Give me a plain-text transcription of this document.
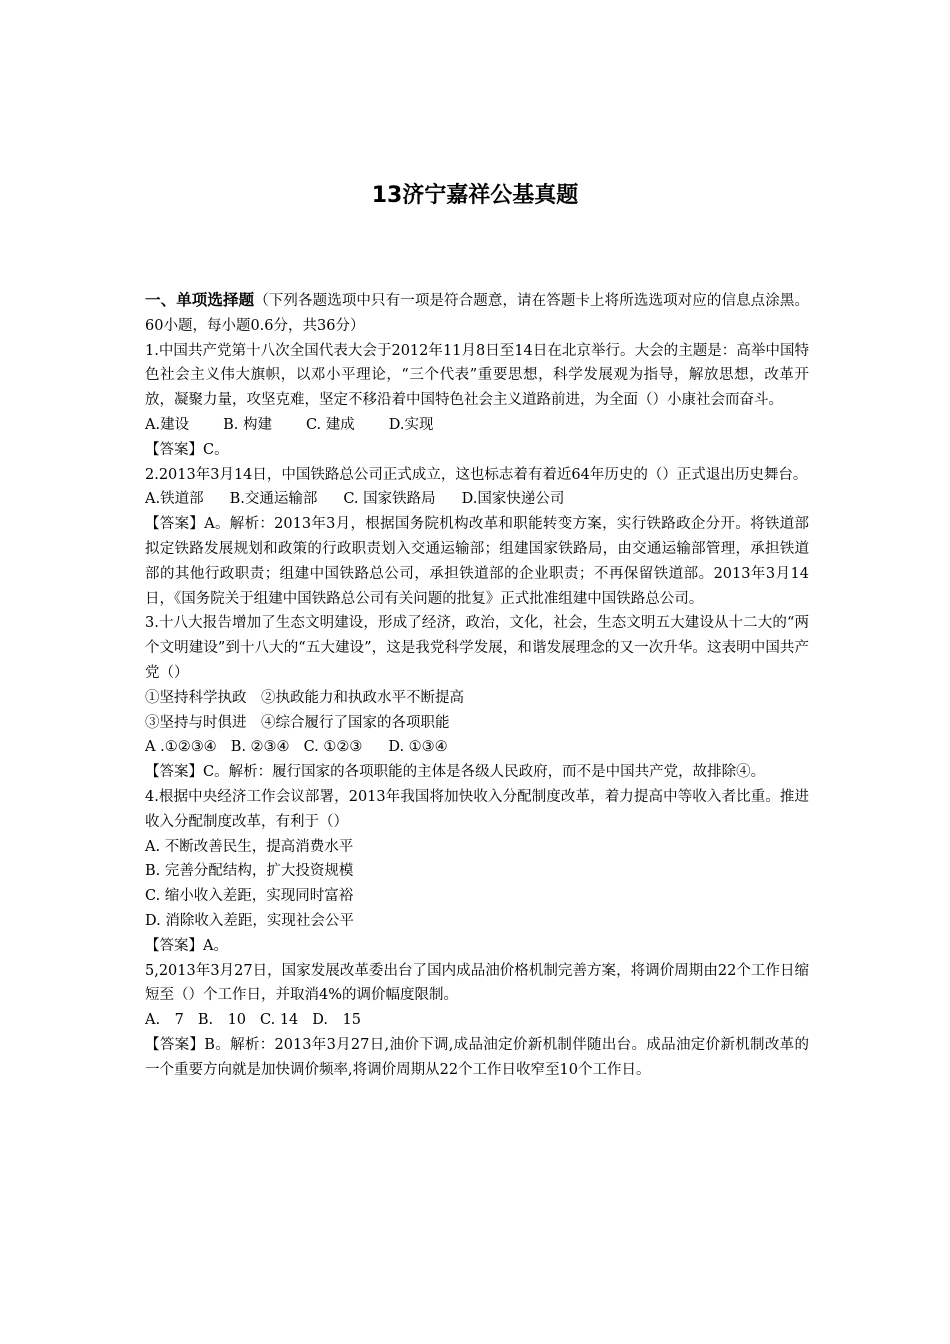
13济宁嘉祥公基真题

一、单项选择题（下列各题选项中只有一项是符合题意，请在答题卡上将所选选项对应的信息点涂黑。60小题，每小题0.6分，共36分）

1.中国共产党第十八次全国代表大会于2012年11月8日至14日在北京举行。大会的主题是：高举中国特色社会主义伟大旗帜，以邓小平理论，“三个代表”重要思想，科学发展观为指导，解放思想，改革开放，凝聚力量，攻坚克难，坚定不移沿着中国特色社会主义道路前进，为全面（）小康社会而奋斗。

A.建设 B. 构建 C. 建成 D.实现

【答案】C。

2.2013年3月14日，中国铁路总公司正式成立，这也标志着有着近64年历史的（）正式退出历史舞台。

A.铁道部 B.交通运输部 C. 国家铁路局 D.国家快递公司

【答案】A。解析：2013年3月，根据国务院机构改革和职能转变方案，实行铁路政企分开。将铁道部拟定铁路发展规划和政策的行政职责划入交通运输部；组建国家铁路局，由交通运输部管理，承担铁道部的其他行政职责；组建中国铁路总公司，承担铁道部的企业职责；不再保留铁道部。2013年3月14日，《国务院关于组建中国铁路总公司有关问题的批复》正式批准组建中国铁路总公司。

3.十八大报告增加了生态文明建设，形成了经济，政治，文化，社会，生态文明五大建设从十二大的“两个文明建设”到十八大的“五大建设”，这是我党科学发展，和谐发展理念的又一次升华。这表明中国共产党（）

①坚持科学执政　②执政能力和执政水平不断提高

③坚持与时俱进　④综合履行了国家的各项职能

A .①②③④ B. ②③④ C. ①②③ D. ①③④

【答案】C。解析：履行国家的各项职能的主体是各级人民政府，而不是中国共产党，故排除④。

4.根据中央经济工作会议部署，2013年我国将加快收入分配制度改革，着力提高中等收入者比重。推进收入分配制度改革，有利于（）

A. 不断改善民生，提高消费水平

B. 完善分配结构，扩大投资规模

C. 缩小收入差距，实现同时富裕

D. 消除收入差距，实现社会公平

【答案】A。

5,2013年3月27日，国家发展改革委出台了国内成品油价格机制完善方案，将调价周期由22个工作日缩短至（）个工作日，并取消4%的调价幅度限制。

A.　7 B.　10 C. 14 D.　15

【答案】B。解析：2013年3月27日,油价下调,成品油定价新机制伴随出台。成品油定价新机制改革的一个重要方向就是加快调价频率,将调价周期从22个工作日收窄至10个工作日。
